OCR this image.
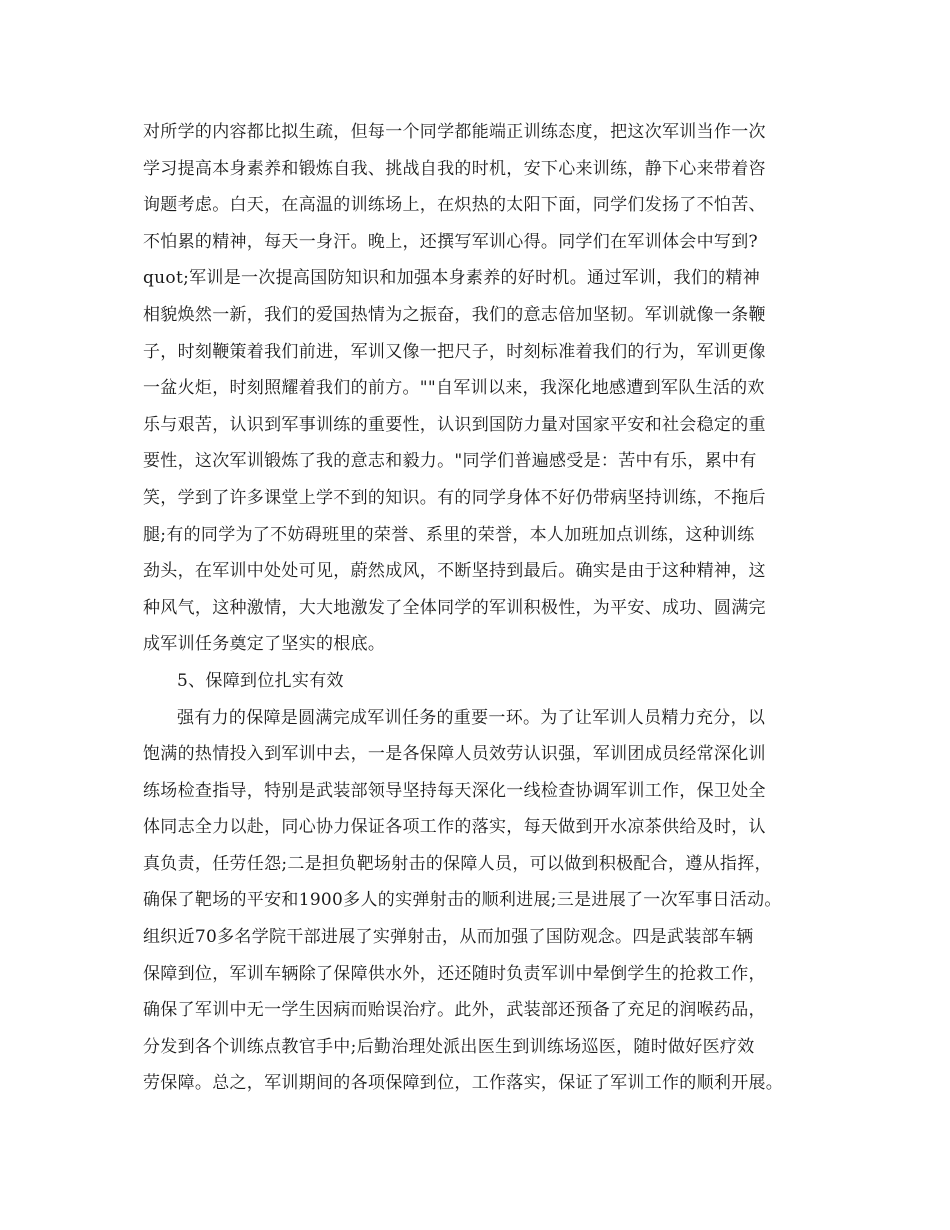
对所学的内容都比拟生疏，但每一个同学都能端正训练态度，把这次军训当作一次
学习提高本身素养和锻炼自我、挑战自我的时机，安下心来训练，静下心来带着咨
询题考虑。白天，在高温的训练场上，在炽热的太阳下面，同学们发扬了不怕苦、
不怕累的精神，每天一身汗。晚上，还撰写军训心得。同学们在军训体会中写到?
quot;军训是一次提高国防知识和加强本身素养的好时机。通过军训，我们的精神
相貌焕然一新，我们的爱国热情为之振奋，我们的意志倍加坚韧。军训就像一条鞭
子，时刻鞭策着我们前进，军训又像一把尺子，时刻标准着我们的行为，军训更像
一盆火炬，时刻照耀着我们的前方。""自军训以来，我深化地感遭到军队生活的欢
乐与艰苦，认识到军事训练的重要性，认识到国防力量对国家平安和社会稳定的重
要性，这次军训锻炼了我的意志和毅力。"同学们普遍感受是：苦中有乐，累中有
笑，学到了许多课堂上学不到的知识。有的同学身体不好仍带病坚持训练，不拖后
腿;有的同学为了不妨碍班里的荣誉、系里的荣誉，本人加班加点训练，这种训练
劲头，在军训中处处可见，蔚然成风，不断坚持到最后。确实是由于这种精神，这
种风气，这种激情，大大地激发了全体同学的军训积极性，为平安、成功、圆满完
成军训任务奠定了坚实的根底。
5、保障到位扎实有效
强有力的保障是圆满完成军训任务的重要一环。为了让军训人员精力充分，以
饱满的热情投入到军训中去，一是各保障人员效劳认识强，军训团成员经常深化训
练场检查指导，特别是武装部领导坚持每天深化一线检查协调军训工作，保卫处全
体同志全力以赴，同心协力保证各项工作的落实，每天做到开水凉茶供给及时，认
真负责，任劳任怨;二是担负靶场射击的保障人员，可以做到积极配合，遵从指挥，
确保了靶场的平安和1900多人的实弹射击的顺利进展;三是进展了一次军事日活动。
组织近70多名学院干部进展了实弹射击，从而加强了国防观念。四是武装部车辆
保障到位，军训车辆除了保障供水外，还还随时负责军训中晕倒学生的抢救工作，
确保了军训中无一学生因病而贻误治疗。此外，武装部还预备了充足的润喉药品，
分发到各个训练点教官手中;后勤治理处派出医生到训练场巡医，随时做好医疗效
劳保障。总之，军训期间的各项保障到位，工作落实，保证了军训工作的顺利开展。
